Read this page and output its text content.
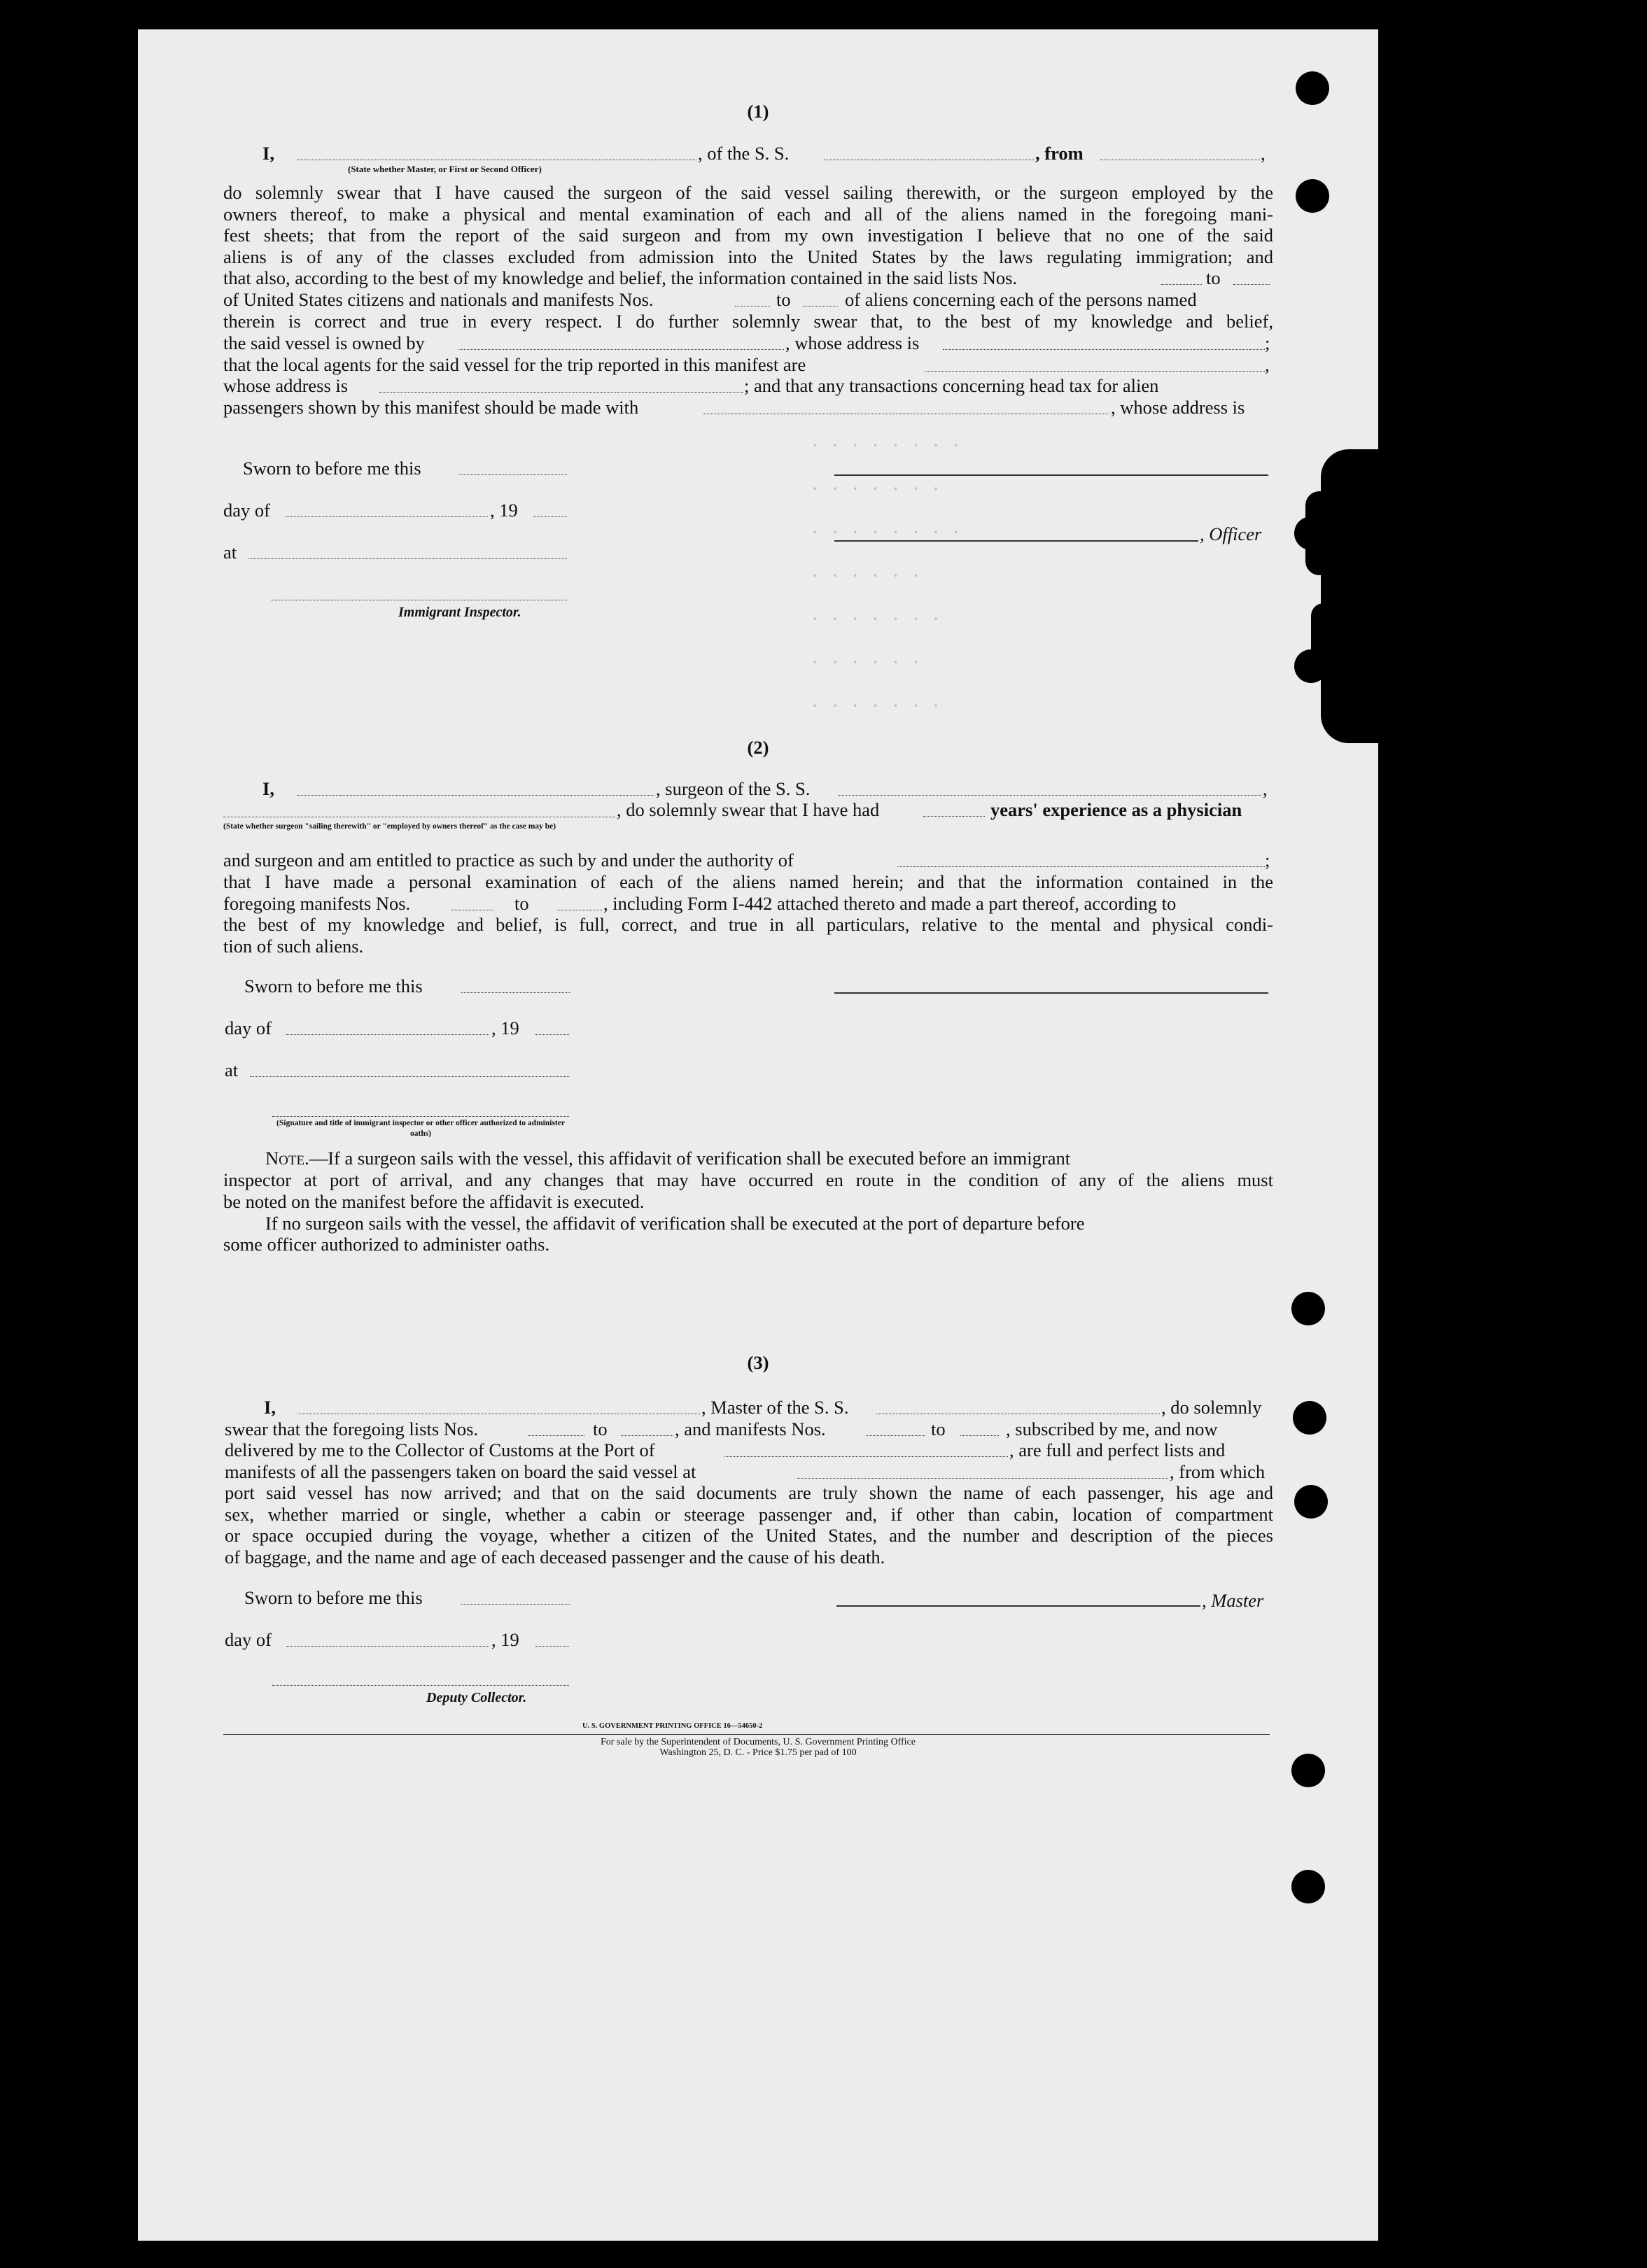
· · · · · · · ·
· · · · · · ·
· · · · · · · ·
· · · · · ·
· · · · · · ·
· · · · · ·
· · · · · · ·
(1)
I,	, of the S. S.	, from	,
(State whether Master, or First or Second Officer)
do solemnly swear that I have caused the surgeon of the said vessel sailing therewith, or the surgeon employed by the
owners thereof, to make a physical and mental examination of each and all of the aliens named in the foregoing mani-
fest sheets; that from the report of the said surgeon and from my own investigation I believe that no one of the said
aliens is of any of the classes excluded from admission into the United States by the laws regulating immigration; and
that also, according to the best of my knowledge and belief, the information contained in the said lists Nos.	to
of United States citizens and nationals and manifests Nos.	to	of aliens concerning each of the persons named
therein is correct and true in every respect. I do further solemnly swear that, to the best of my knowledge and belief,
the said vessel is owned by	, whose address is	;
that the local agents for the said vessel for the trip reported in this manifest are	,
whose address is	; and that any transactions concerning head tax for alien
passengers shown by this manifest should be made with	, whose address is
Sworn to before me this
day of	, 19
, Officer
at
Immigrant Inspector.
(2)
I,	, surgeon of the S. S.	,
, do solemnly swear that I have had	years' experience as a physician
(State whether surgeon "sailing therewith" or "employed by owners thereof" as the case may be)
and surgeon and am entitled to practice as such by and under the authority of	;
that I have made a personal examination of each of the aliens named herein; and that the information contained in the
foregoing manifests Nos.	to	, including Form I-442 attached thereto and made a part thereof, according to
the best of my knowledge and belief, is full, correct, and true in all particulars, relative to the mental and physical condi-
tion of such aliens.
Sworn to before me this
day of	, 19
at
(Signature and title of immigrant inspector or other officer authorized to administer oaths)
Note.—If a surgeon sails with the vessel, this affidavit of verification shall be executed before an immigrant
inspector at port of arrival, and any changes that may have occurred en route in the condition of any of the aliens must
be noted on the manifest before the affidavit is executed.
If no surgeon sails with the vessel, the affidavit of verification shall be executed at the port of departure before
some officer authorized to administer oaths.
(3)
I,	, Master of the S. S.	, do solemnly
swear that the foregoing lists Nos.	to	, and manifests Nos.	to	, subscribed by me, and now
delivered by me to the Collector of Customs at the Port of	, are full and perfect lists and
manifests of all the passengers taken on board the said vessel at	, from which
port said vessel has now arrived; and that on the said documents are truly shown the name of each passenger, his age and
sex, whether married or single, whether a cabin or steerage passenger and, if other than cabin, location of compartment
or space occupied during the voyage, whether a citizen of the United States, and the number and description of the pieces
of baggage, and the name and age of each deceased passenger and the cause of his death.
Sworn to before me this	, Master
day of	, 19
Deputy Collector.
U. S. GOVERNMENT PRINTING OFFICE 16—54650-2
For sale by the Superintendent of Documents, U. S. Government Printing Office
Washington 25, D. C. - Price $1.75 per pad of 100
